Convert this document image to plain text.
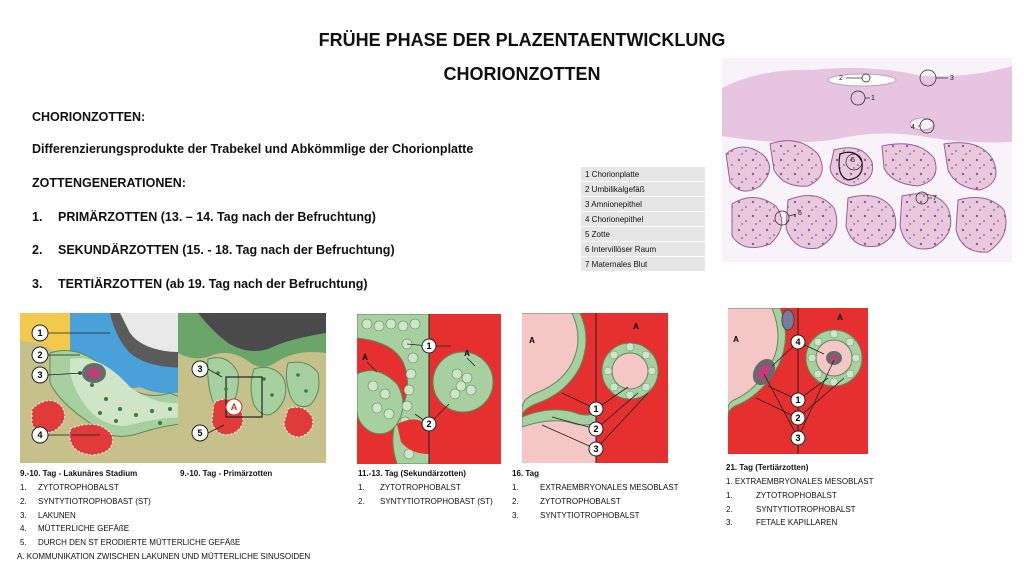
FRÜHE PHASE DER PLAZENTAENTWICKLUNG
CHORIONZOTTEN
CHORIONZOTTEN:
Differenzierungsprodukte der Trabekel und Abkömmlige der Chorionplatte
ZOTTENGENERATIONEN:
1. PRIMÄRZOTTEN (13. – 14. Tag nach der Befruchtung)
2. SEKUNDÄRZOTTEN (15. - 18. Tag nach der Befruchtung)
3. TERTIÄRZOTTEN (ab 19. Tag nach der Befruchtung)
1 Chorionplatte
2 Umbilikalgefäß
3 Amnionepithel
4 Chorionepithel
5 Zotte
6 Intervillöser Raum
7 Maternales Blut
2	3
1
4
5
7
6
1
2
3
4
3
A
5
1
2
A	A
A
A
1
2
3
A
A
4
1
2
3
9.-10. Tag - Lakunäres Stadium
1. ZYTOTROPHOBALST
2. SYNTYTIOTROPHOBAST (ST)
3. LAKUNEN
4. MÜTTERLICHE GEFÄßE
5. DURCH DEN ST ERODIERTE MÜTTERLICHE GEFÄßE
A. KOMMUNIKATION ZWISCHEN LAKUNEN UND MÜTTERLICHE SINUSOIDEN
9.-10. Tag - Primärzotten	11.-13. Tag (Sekundärzotten)
1. ZYTOTROPHOBALST
2. SYNTYTIOTROPHOBAST (ST)
16. Tag
1.	EXTRAEMBRYONALES MESOBLAST
2.	ZYTOTROPHOBALST
3.	SYNTYTIOTROPHOBALST
21. Tag (Tertiärzotten)
1. EXTRAEMBRYONALES MESOBLAST
1.	ZYTOTROPHOBALST
2.	SYNTYTIOTROPHOBALST
3.	FETALE KAPILLAREN
